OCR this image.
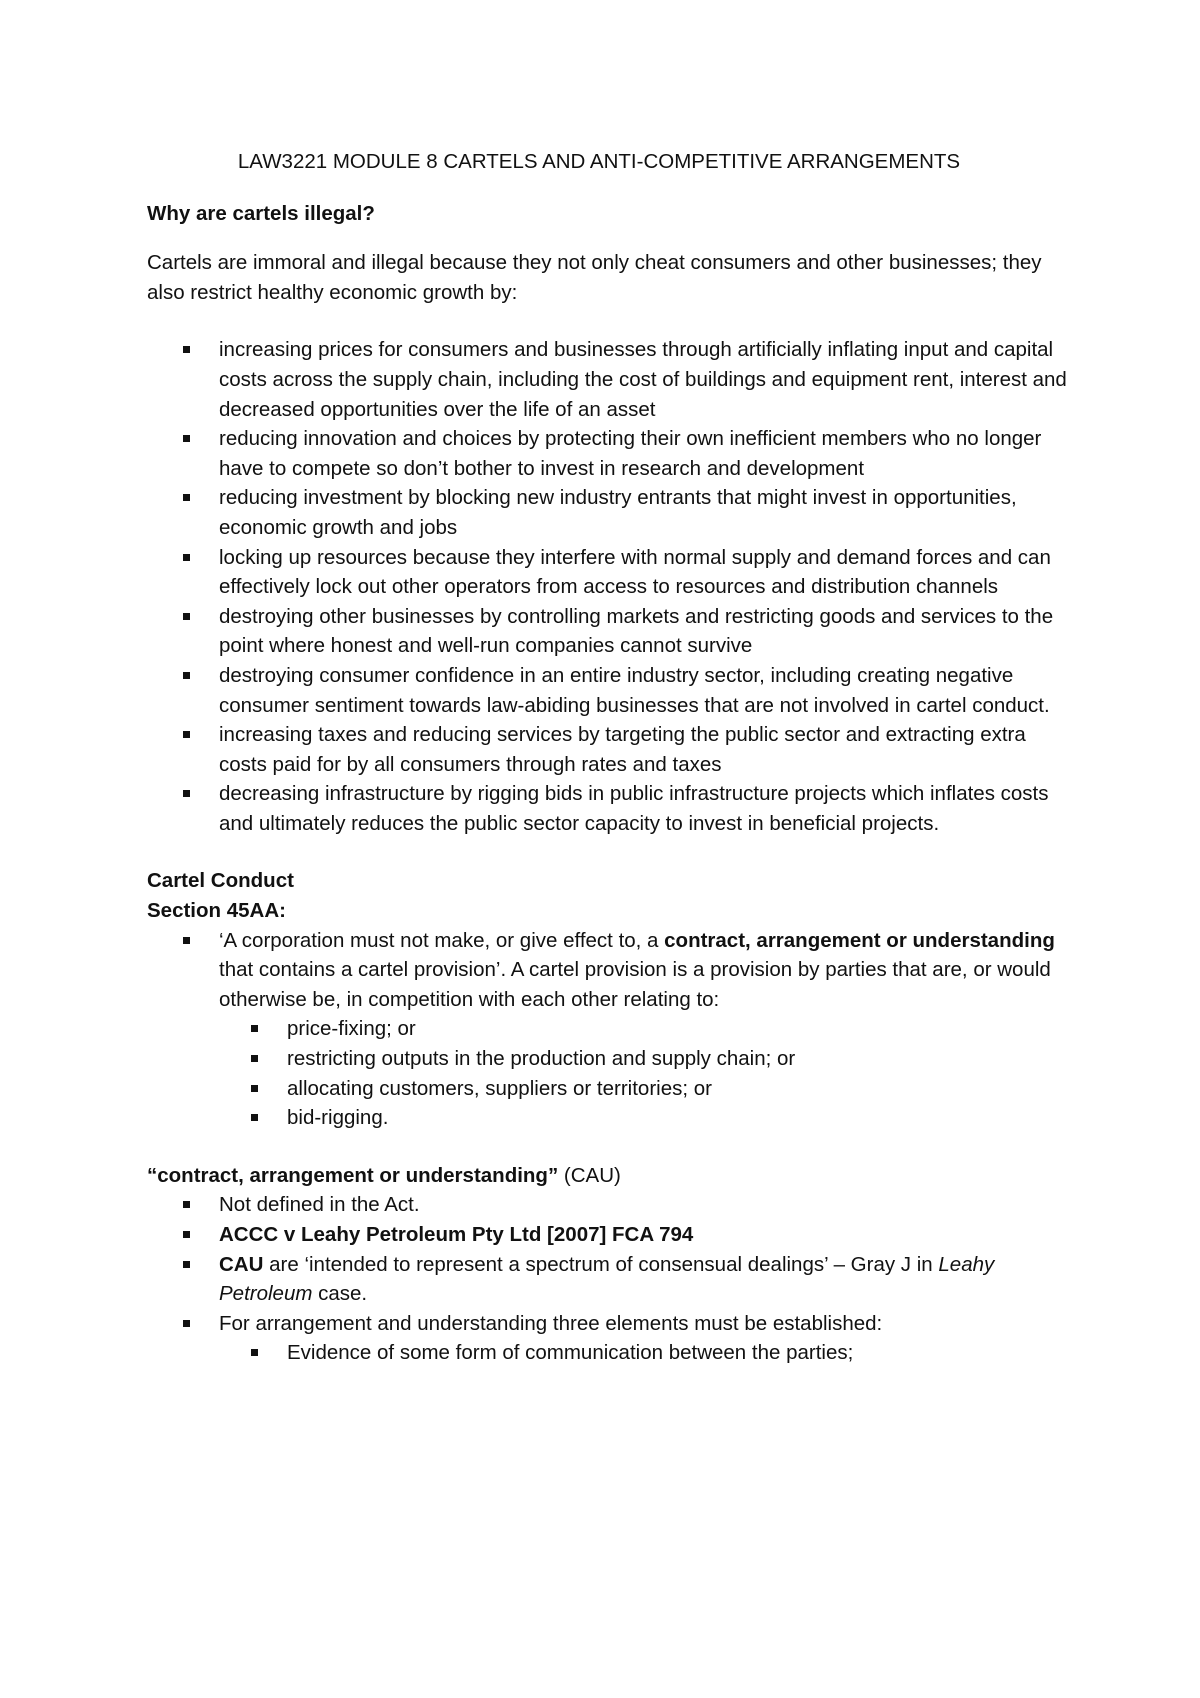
LAW3221 MODULE 8 CARTELS AND ANTI-COMPETITIVE ARRANGEMENTS

Why are cartels illegal?

Cartels are immoral and illegal because they not only cheat consumers and other businesses; they also restrict healthy economic growth by:

increasing prices for consumers and businesses through artificially inflating input and capital costs across the supply chain, including the cost of buildings and equipment rent, interest and decreased opportunities over the life of an asset
reducing innovation and choices by protecting their own inefficient members who no longer have to compete so don’t bother to invest in research and development
reducing investment by blocking new industry entrants that might invest in opportunities, economic growth and jobs
locking up resources because they interfere with normal supply and demand forces and can effectively lock out other operators from access to resources and distribution channels
destroying other businesses by controlling markets and restricting goods and services to the point where honest and well-run companies cannot survive
destroying consumer confidence in an entire industry sector, including creating negative consumer sentiment towards law-abiding businesses that are not involved in cartel conduct.
increasing taxes and reducing services by targeting the public sector and extracting extra costs paid for by all consumers through rates and taxes
decreasing infrastructure by rigging bids in public infrastructure projects which inflates costs and ultimately reduces the public sector capacity to invest in beneficial projects.

Cartel Conduct

Section 45AA:

‘A corporation must not make, or give effect to, a contract, arrangement or understanding that contains a cartel provision’. A cartel provision is a provision by parties that are, or would otherwise be, in competition with each other relating to:
price-fixing; or
restricting outputs in the production and supply chain; or
allocating customers, suppliers or territories; or
bid-rigging.

“contract, arrangement or understanding” (CAU)

Not defined in the Act.
ACCC v Leahy Petroleum Pty Ltd [2007] FCA 794
CAU are ‘intended to represent a spectrum of consensual dealings’ – Gray J in Leahy Petroleum case.
For arrangement and understanding three elements must be established:
Evidence of some form of communication between the parties;
